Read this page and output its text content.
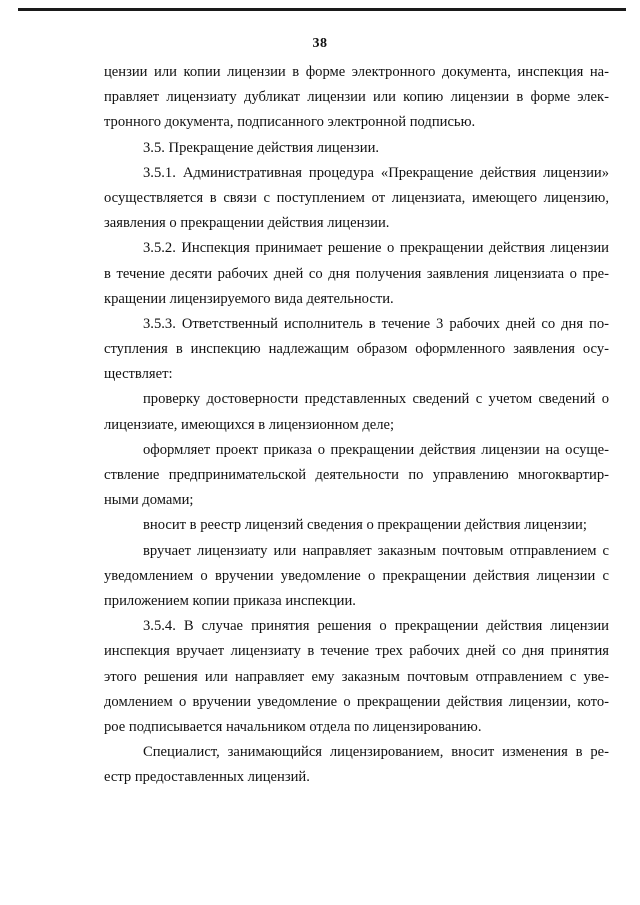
38
цензии или копии лицензии в форме электронного документа, инспекция на-
правляет лицензиату дубликат лицензии или копию лицензии в форме элек-
тронного документа, подписанного электронной подписью.
3.5. Прекращение действия лицензии.
3.5.1. Административная процедура «Прекращение действия лицензии»
осуществляется в связи с поступлением от лицензиата, имеющего лицензию,
заявления о прекращении действия лицензии.
3.5.2. Инспекция принимает решение о прекращении действия лицензии
в течение десяти рабочих дней со дня получения заявления лицензиата о пре-
кращении лицензируемого вида деятельности.
3.5.3. Ответственный исполнитель в течение 3 рабочих дней со дня по-
ступления в инспекцию надлежащим образом оформленного заявления осу-
ществляет:
проверку достоверности представленных сведений с учетом сведений о
лицензиате, имеющихся в лицензионном деле;
оформляет проект приказа о прекращении действия лицензии на осуще-
ствление предпринимательской деятельности по управлению многоквартир-
ными домами;
вносит в реестр лицензий сведения о прекращении действия лицензии;
вручает лицензиату или направляет заказным почтовым отправлением с
уведомлением о вручении уведомление о прекращении действия лицензии с
приложением копии приказа инспекции.
3.5.4. В случае принятия решения о прекращении действия лицензии
инспекция вручает лицензиату в течение трех рабочих дней со дня принятия
этого решения или направляет ему заказным почтовым отправлением с уве-
домлением о вручении уведомление о прекращении действия лицензии, кото-
рое подписывается начальником отдела по лицензированию.
Специалист, занимающийся лицензированием, вносит изменения в ре-
естр предоставленных лицензий.
